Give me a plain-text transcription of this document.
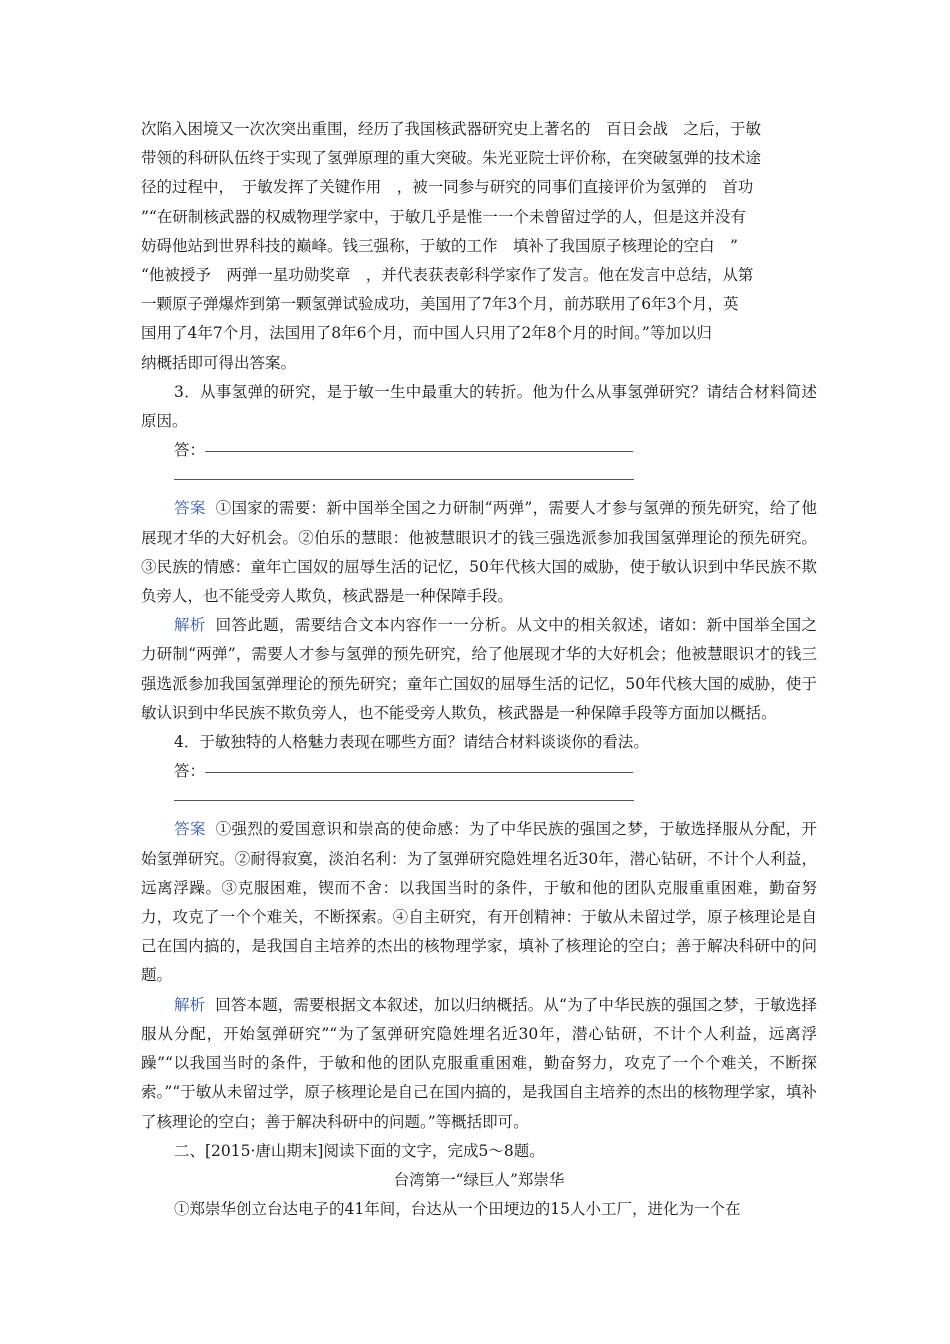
次陷入困境又一次次突出重围，经历了我国核武器研究史上著名的　百日会战　之后，于敏

带领的科研队伍终于实现了氢弹原理的重大突破。朱光亚院士评价称，在突破氢弹的技术途

径的过程中，　于敏发挥了关键作用　，被一同参与研究的同事们直接评价为氢弹的　首功

”“在研制核武器的权威物理学家中，于敏几乎是惟一一个未曾留过学的人，但是这并没有

妨碍他站到世界科技的巅峰。钱三强称，于敏的工作　填补了我国原子核理论的空白　”

“他被授予　两弹一星功勋奖章　，并代表获表彰科学家作了发言。他在发言中总结，从第

一颗原子弹爆炸到第一颗氢弹试验成功，美国用了7年3个月，前苏联用了6年3个月，英

国用了4年7个月，法国用了8年6个月，而中国人只用了2年8个月的时间。”等加以归

纳概括即可得出答案。

3．从事氢弹的研究，是于敏一生中最重大的转折。他为什么从事氢弹研究？请结合材料简述原因。

答：

答案 ①国家的需要：新中国举全国之力研制“两弹”，需要人才参与氢弹的预先研究，给了他展现才华的大好机会。②伯乐的慧眼：他被慧眼识才的钱三强选派参加我国氢弹理论的预先研究。③民族的情感：童年亡国奴的屈辱生活的记忆，50年代核大国的威胁，使于敏认识到中华民族不欺负旁人，也不能受旁人欺负，核武器是一种保障手段。

解析 回答此题，需要结合文本内容作一一分析。从文中的相关叙述，诸如：新中国举全国之力研制“两弹”，需要人才参与氢弹的预先研究，给了他展现才华的大好机会；他被慧眼识才的钱三强选派参加我国氢弹理论的预先研究；童年亡国奴的屈辱生活的记忆，50年代核大国的威胁，使于敏认识到中华民族不欺负旁人，也不能受旁人欺负，核武器是一种保障手段等方面加以概括。

4．于敏独特的人格魅力表现在哪些方面？请结合材料谈谈你的看法。

答：

答案 ①强烈的爱国意识和崇高的使命感：为了中华民族的强国之梦，于敏选择服从分配，开始氢弹研究。②耐得寂寞，淡泊名利：为了氢弹研究隐姓埋名近30年，潜心钻研，不计个人利益，远离浮躁。③克服困难，锲而不舍：以我国当时的条件，于敏和他的团队克服重重困难，勤奋努力，攻克了一个个难关，不断探索。④自主研究，有开创精神：于敏从未留过学，原子核理论是自己在国内搞的，是我国自主培养的杰出的核物理学家，填补了核理论的空白；善于解决科研中的问题。

解析 回答本题，需要根据文本叙述，加以归纳概括。从“为了中华民族的强国之梦，于敏选择服从分配，开始氢弹研究”“为了氢弹研究隐姓埋名近30年，潜心钻研，不计个人利益，远离浮躁”“以我国当时的条件，于敏和他的团队克服重重困难，勤奋努力，攻克了一个个难关，不断探索。”“于敏从未留过学，原子核理论是自己在国内搞的，是我国自主培养的杰出的核物理学家，填补了核理论的空白；善于解决科研中的问题。”等概括即可。

二、[2015·唐山期末]阅读下面的文字，完成5～8题。

台湾第一“绿巨人”郑崇华

①郑崇华创立台达电子的41年间，台达从一个田埂边的15人小工厂，进化为一个在
